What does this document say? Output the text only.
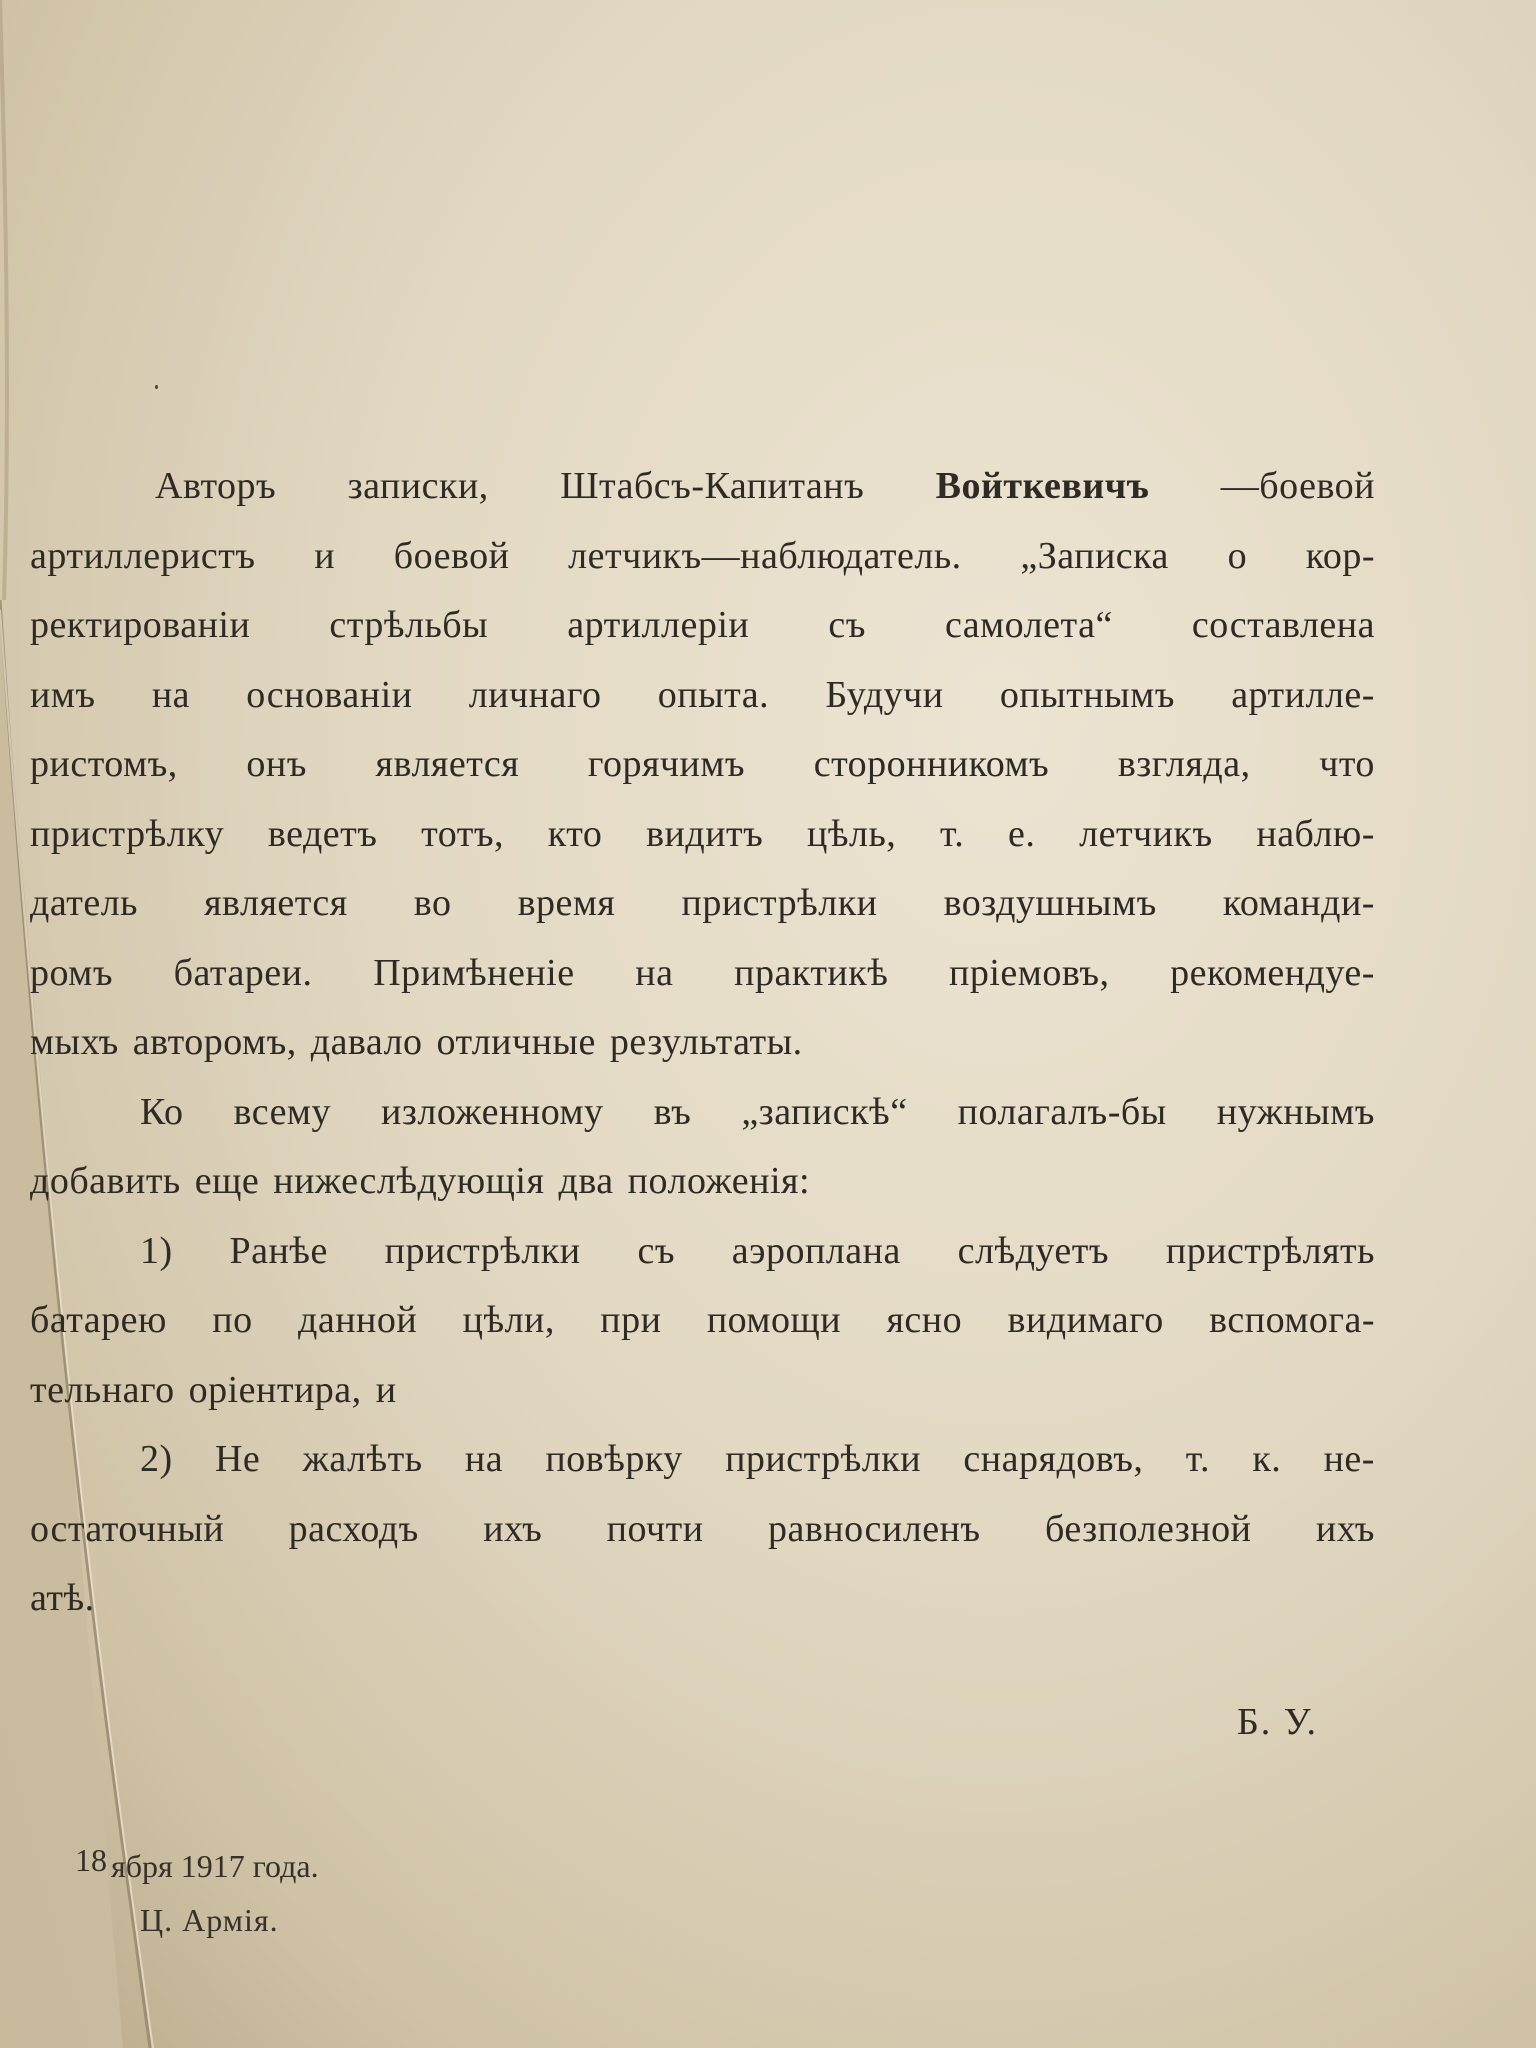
Авторъ записки, Штабсъ-Капитанъ Войткевичъ —боевой
артиллеристъ и боевой летчикъ—наблюдатель. „Записка о кор-
ректированіи стрѣльбы артиллеріи съ самолета“ составлена
имъ на основаніи личнаго опыта. Будучи опытнымъ артилле-
ристомъ, онъ является горячимъ сторонникомъ взгляда, что
пристрѣлку ведетъ тотъ, кто видитъ цѣль, т. е. летчикъ наблю-
датель является во время пристрѣлки воздушнымъ команди-
ромъ батареи. Примѣненіе на практикѣ пріемовъ, рекомендуе-
мыхъ авторомъ, давало отличные результаты.
Ко всему изложенному въ „запискѣ“ полагалъ-бы нужнымъ
добавить еще нижеслѣдующія два положенія:
1) Ранѣе пристрѣлки съ аэроплана слѣдуетъ пристрѣлять
батарею по данной цѣли, при помощи ясно видимаго вспомога-
тельнаго оріентира, и
2) Не жалѣть на повѣрку пристрѣлки снарядовъ, т. к. не-
остаточный расходъ ихъ почти равносиленъ безполезной ихъ
атѣ.
Б. У.
18 ября 1917 года.
Ц. Армія.
